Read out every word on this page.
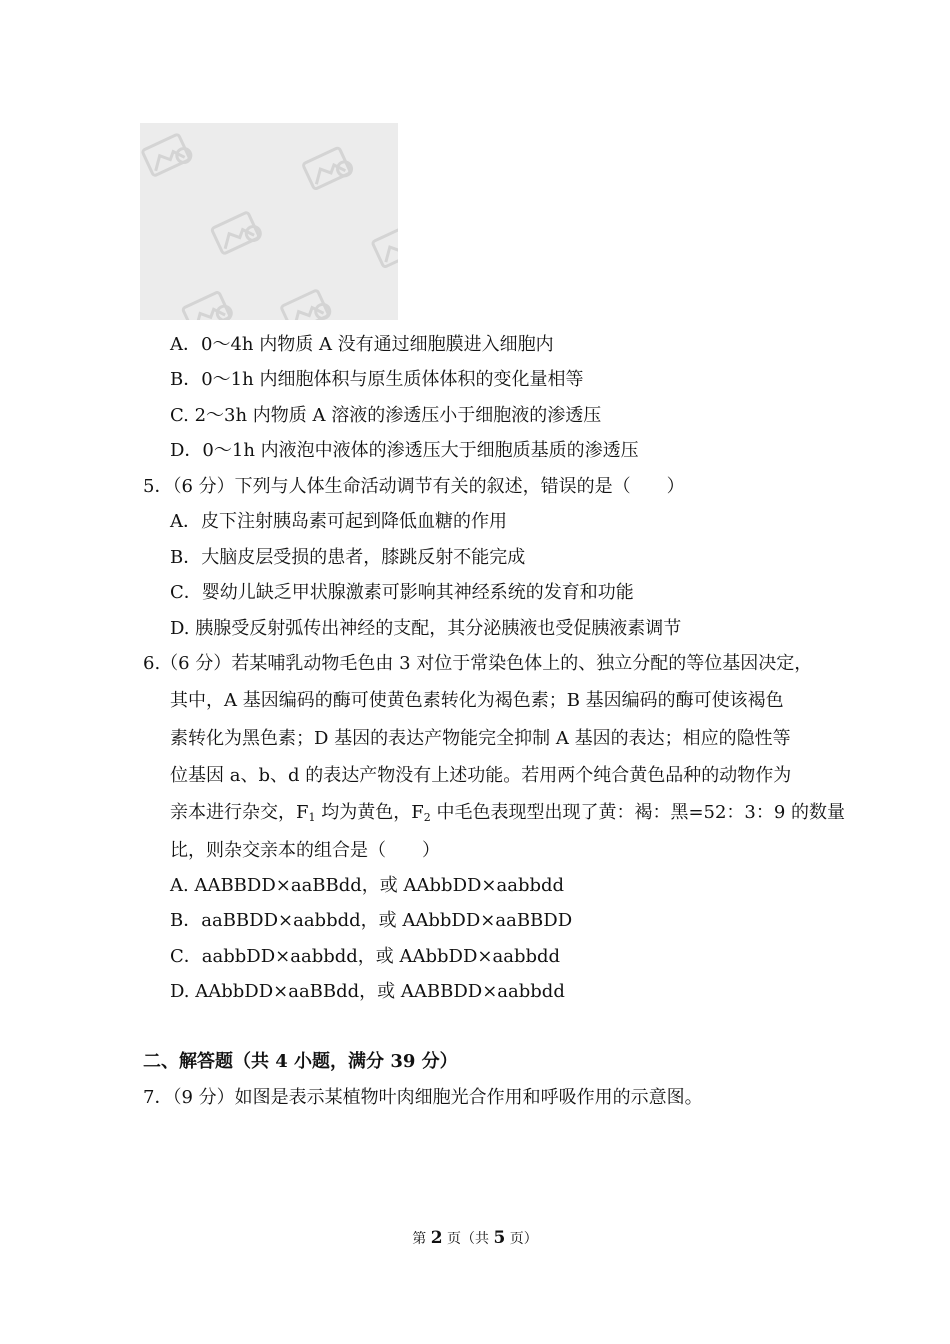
A．0～4h 内物质 A 没有通过细胞膜进入细胞内
B．0～1h 内细胞体积与原生质体体积的变化量相等
C. 2～3h 内物质 A 溶液的渗透压小于细胞液的渗透压
D．0～1h 内液泡中液体的渗透压大于细胞质基质的渗透压
5．（6 分）下列与人体生命活动调节有关的叙述，错误的是（　　）
A．皮下注射胰岛素可起到降低血糖的作用
B．大脑皮层受损的患者，膝跳反射不能完成
C．婴幼儿缺乏甲状腺激素可影响其神经系统的发育和功能
D. 胰腺受反射弧传出神经的支配，其分泌胰液也受促胰液素调节
6.（6 分）若某哺乳动物毛色由 3 对位于常染色体上的、独立分配的等位基因决定，
其中，A 基因编码的酶可使黄色素转化为褐色素；B 基因编码的酶可使该褐色
素转化为黑色素；D 基因的表达产物能完全抑制 A 基因的表达；相应的隐性等
位基因 a、b、d 的表达产物没有上述功能。若用两个纯合黄色品种的动物作为
亲本进行杂交，$F_1$ 均为黄色，$F_2$ 中毛色表现型出现了黄：褐：黑=52：3：9 的数量
比，则杂交亲本的组合是（　　）
A. AABBDD×aaBBdd，或 AAbbDD×aabbdd
B．aaBBDD×aabbdd，或 AAbbDD×aaBBDD
C．aabbDD×aabbdd，或 AAbbDD×aabbdd
D. AAbbDD×aaBBdd，或 AABBDD×aabbdd
二、解答题（共 4 小题，满分 39 分）
7．（9 分）如图是表示某植物叶肉细胞光合作用和呼吸作用的示意图。
第 2 页（共 5 页）
